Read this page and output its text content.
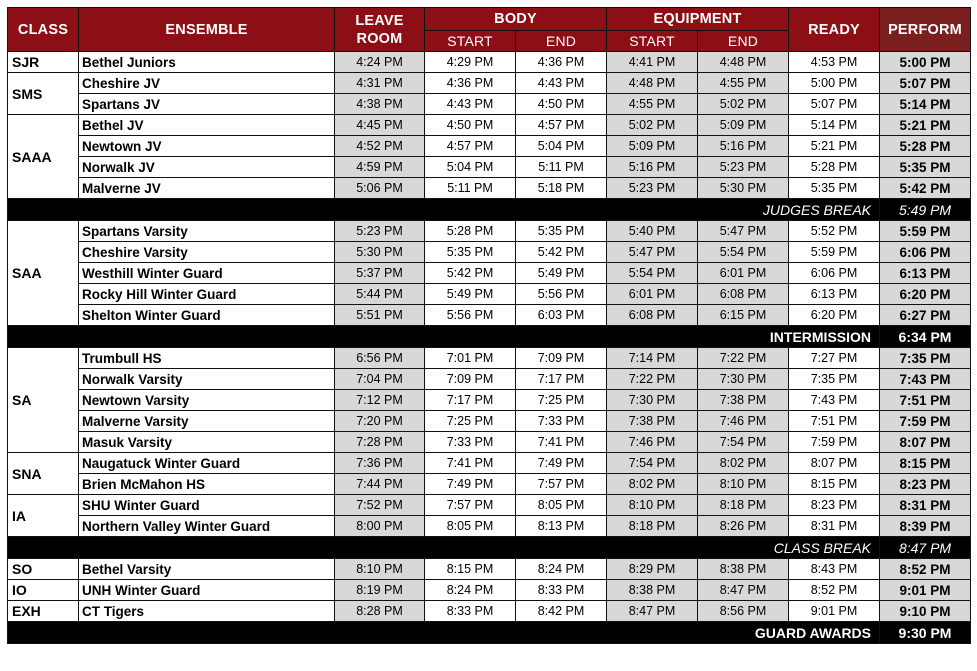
CLASS	ENSEMBLE	LEAVE ROOM	BODY		EQUIPMENT		READY	PERFORM
			START	END	START	END		
SJR	Bethel Juniors	4:24 PM	4:29 PM	4:36 PM	4:41 PM	4:48 PM	4:53 PM	5:00 PM
SMS	Cheshire JV	4:31 PM	4:36 PM	4:43 PM	4:48 PM	4:55 PM	5:00 PM	5:07 PM
	Spartans JV	4:38 PM	4:43 PM	4:50 PM	4:55 PM	5:02 PM	5:07 PM	5:14 PM
SAAA	Bethel JV	4:45 PM	4:50 PM	4:57 PM	5:02 PM	5:09 PM	5:14 PM	5:21 PM
	Newtown JV	4:52 PM	4:57 PM	5:04 PM	5:09 PM	5:16 PM	5:21 PM	5:28 PM
	Norwalk JV	4:59 PM	5:04 PM	5:11 PM	5:16 PM	5:23 PM	5:28 PM	5:35 PM
	Malverne JV	5:06 PM	5:11 PM	5:18 PM	5:23 PM	5:30 PM	5:35 PM	5:42 PM
JUDGES BREAK								5:49 PM
SAA	Spartans Varsity	5:23 PM	5:28 PM	5:35 PM	5:40 PM	5:47 PM	5:52 PM	5:59 PM
	Cheshire Varsity	5:30 PM	5:35 PM	5:42 PM	5:47 PM	5:54 PM	5:59 PM	6:06 PM
	Westhill Winter Guard	5:37 PM	5:42 PM	5:49 PM	5:54 PM	6:01 PM	6:06 PM	6:13 PM
	Rocky Hill Winter Guard	5:44 PM	5:49 PM	5:56 PM	6:01 PM	6:08 PM	6:13 PM	6:20 PM
	Shelton Winter Guard	5:51 PM	5:56 PM	6:03 PM	6:08 PM	6:15 PM	6:20 PM	6:27 PM
INTERMISSION								6:34 PM
SA	Trumbull HS	6:56 PM	7:01 PM	7:09 PM	7:14 PM	7:22 PM	7:27 PM	7:35 PM
	Norwalk Varsity	7:04 PM	7:09 PM	7:17 PM	7:22 PM	7:30 PM	7:35 PM	7:43 PM
	Newtown Varsity	7:12 PM	7:17 PM	7:25 PM	7:30 PM	7:38 PM	7:43 PM	7:51 PM
	Malverne Varsity	7:20 PM	7:25 PM	7:33 PM	7:38 PM	7:46 PM	7:51 PM	7:59 PM
	Masuk Varsity	7:28 PM	7:33 PM	7:41 PM	7:46 PM	7:54 PM	7:59 PM	8:07 PM
SNA	Naugatuck Winter Guard	7:36 PM	7:41 PM	7:49 PM	7:54 PM	8:02 PM	8:07 PM	8:15 PM
	Brien McMahon HS	7:44 PM	7:49 PM	7:57 PM	8:02 PM	8:10 PM	8:15 PM	8:23 PM
IA	SHU Winter Guard	7:52 PM	7:57 PM	8:05 PM	8:10 PM	8:18 PM	8:23 PM	8:31 PM
	Northern Valley Winter Guard	8:00 PM	8:05 PM	8:13 PM	8:18 PM	8:26 PM	8:31 PM	8:39 PM
CLASS BREAK								8:47 PM
SO	Bethel Varsity	8:10 PM	8:15 PM	8:24 PM	8:29 PM	8:38 PM	8:43 PM	8:52 PM
IO	UNH Winter Guard	8:19 PM	8:24 PM	8:33 PM	8:38 PM	8:47 PM	8:52 PM	9:01 PM
EXH	CT Tigers	8:28 PM	8:33 PM	8:42 PM	8:47 PM	8:56 PM	9:01 PM	9:10 PM
GUARD AWARDS								9:30 PM
